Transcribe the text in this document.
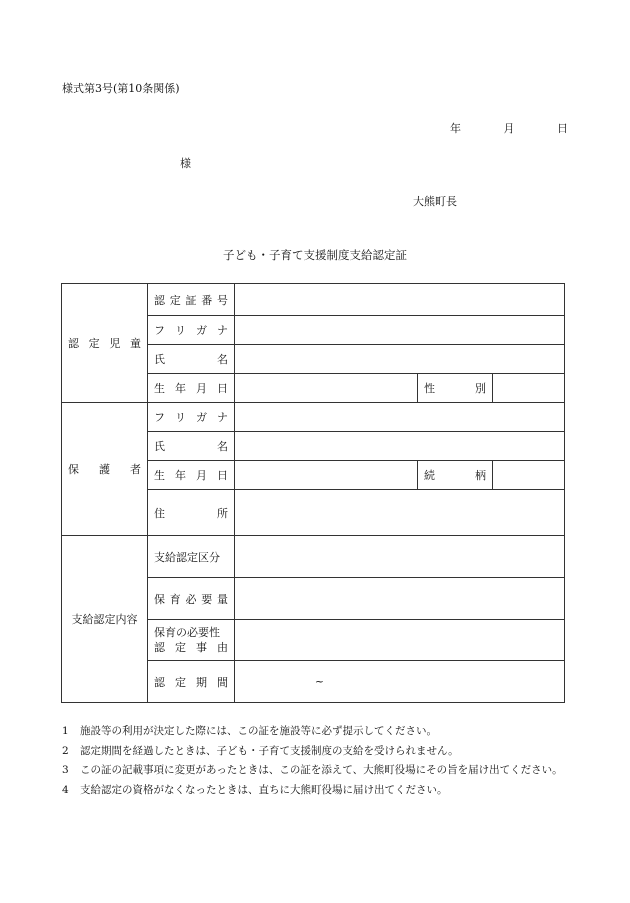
様式第3号(第10条関係)
年	月	日
様
大熊町長
子ども・子育て支援制度支給認定証
認 定 児 童	認 定 証 番 号			

	フ リ ガ ナ			

	氏 名			

	生 年 月 日		性 別	

保 護 者	フ リ ガ ナ			

	氏 名			

	生 年 月 日		続 柄	

	住 所			

支給認定内容	支給認定区分			

	保 育 必 要 量			

	保育の必要性
認 定 事 由			

	認 定 期 間	~		
1	施設等の利用が決定した際には、この証を施設等に必ず提示してください。
2	認定期間を経過したときは、子ども・子育て支援制度の支給を受けられません。
3	この証の記載事項に変更があったときは、この証を添えて、大熊町役場にその旨を届け出てください。
4	支給認定の資格がなくなったときは、直ちに大熊町役場に届け出てください。
